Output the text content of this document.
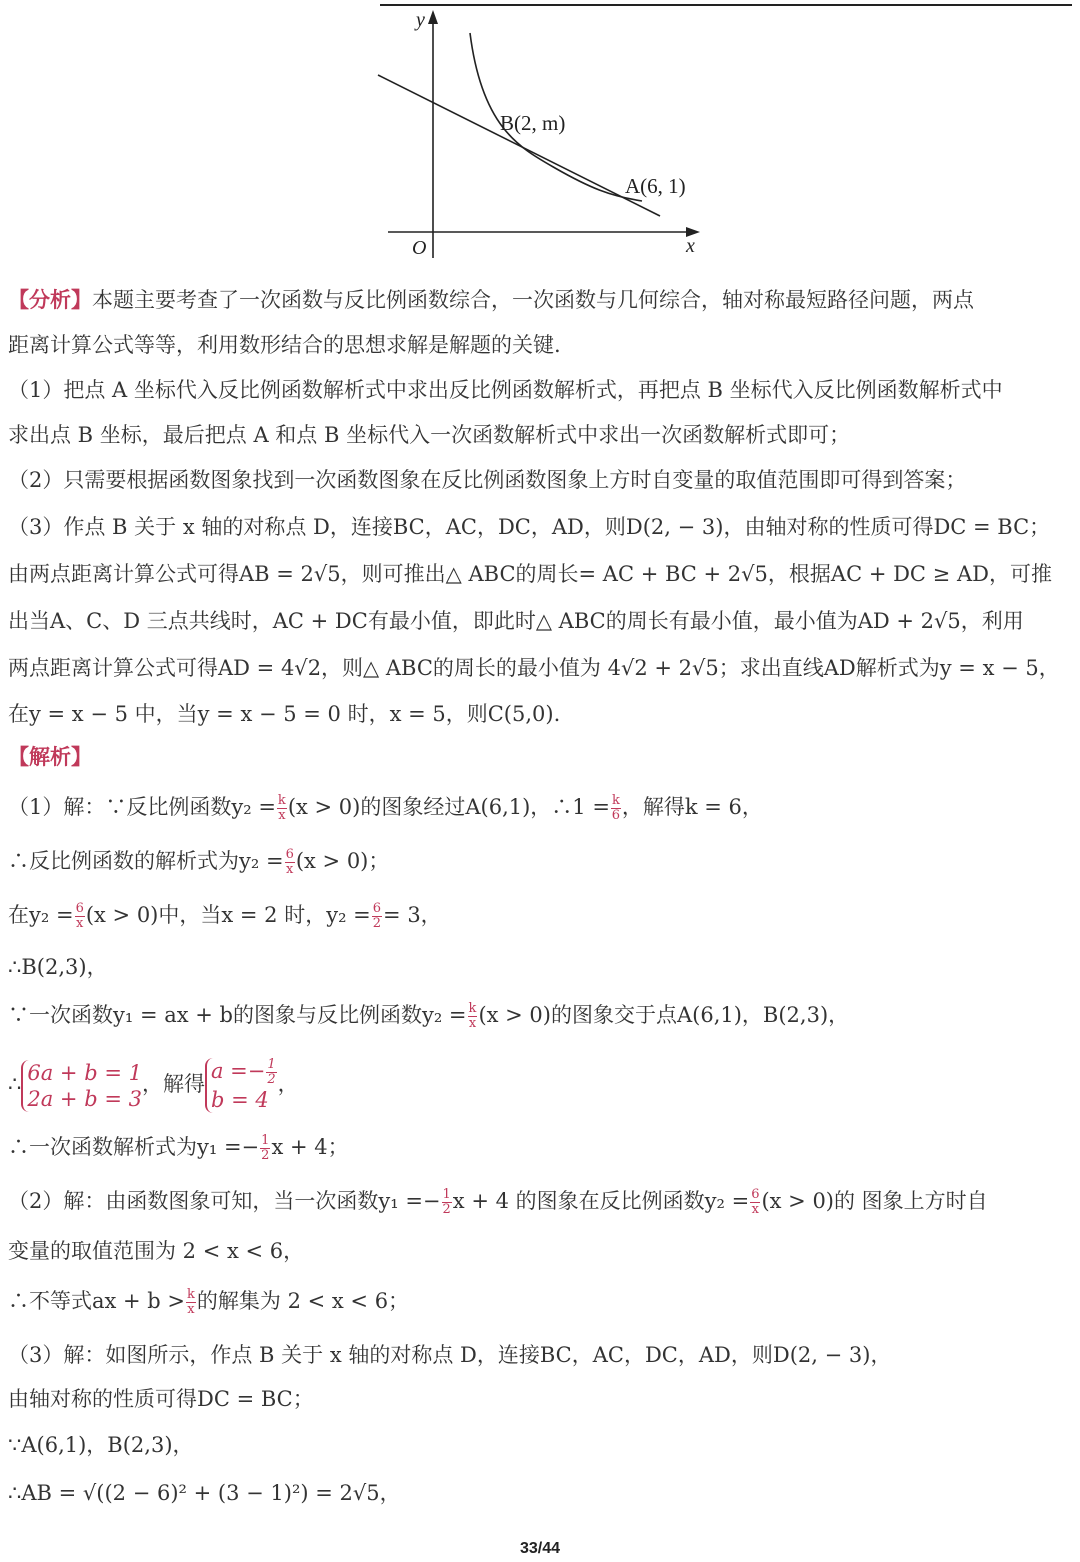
y
x
O
B(2, m)
A(6, 1)
【分析】本题主要考查了一次函数与反比例函数综合，一次函数与几何综合，轴对称最短路径问题，两点
距离计算公式等等，利用数形结合的思想求解是解题的关键.
（1）把点 A 坐标代入反比例函数解析式中求出反比例函数解析式，再把点 B 坐标代入反比例函数解析式中
求出点 B 坐标，最后把点 A 和点 B 坐标代入一次函数解析式中求出一次函数解析式即可；
（2）只需要根据函数图象找到一次函数图象在反比例函数图象上方时自变量的取值范围即可得到答案；
（3）作点 B 关于 x 轴的对称点 D，连接BC，AC，DC，AD，则D(2, − 3)，由轴对称的性质可得DC = BC；
由两点距离计算公式可得AB = 2√5，则可推出△ ABC的周长= AC + BC + 2√5，根据AC + DC ≥ AD，可推
出当A、C、D 三点共线时，AC + DC有最小值，即此时△ ABC的周长有最小值，最小值为AD + 2√5，利用
两点距离计算公式可得AD = 4√2，则△ ABC的周长的最小值为 4√2 + 2√5；求出直线AD解析式为y = x − 5，
在y = x − 5 中，当y = x − 5 = 0 时，x = 5，则C(5,0).
【解析】
（1）解：∵反比例函数$y_2 = \frac{k}{x} (x > 0)$的图象经过A(6,1)，∴1 = $\frac{k}{6}$ ，解得k = 6，
∴反比例函数的解析式为$y_2 = \frac{6}{x} (x > 0)$；
在$y_2 = \frac{6}{x} (x > 0)$中，当x = 2 时，$y_2 = \frac{6}{2} = 3$，
∴B(2,3)，
∵一次函数y₁ = ax + b的图象与反比例函数$y_2 = \frac{k}{x} (x > 0)$的图象交于点A(6,1)，B(2,3)，
∴ 6a + b = 1
2a + b = 3
，解得
$a =- \frac{1}{2}$
b = 4
，
∴一次函数解析式为$y_1 =- \frac{1}{2}$ x + 4；
（2）解：由函数图象可知，当一次函数$y_1 =- \frac{1}{2}$ x + 4 的图象在反比例函数$y_2 = \frac{6}{x} (x > 0)$的 图象上方时自
变量的取值范围为 2 < x < 6，
∴不等式ax + $b > \frac{k}{x}$ 的解集为 2 < x < 6；
（3）解：如图所示，作点 B 关于 x 轴的对称点 D，连接BC，AC，DC，AD，则D(2, − 3)，
由轴对称的性质可得DC = BC；
∵A(6,1)，B(2,3)，
∴AB = √((2 − 6)² + (3 − 1)²) = 2√5，
33/44
